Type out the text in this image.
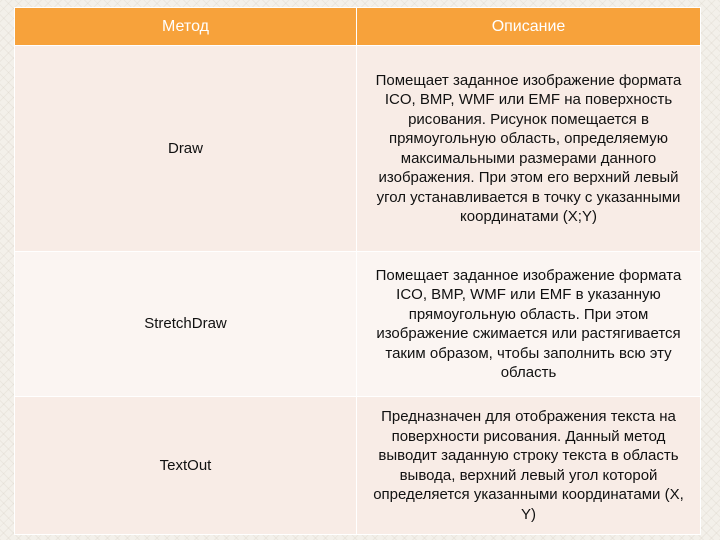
Метод	Описание
Draw	Помещает заданное изображение формата ICO, BMP, WMF или EMF на поверхность рисования. Рисунок помещается в прямоугольную область, определяемую максимальными размерами данного изображения. При этом его верхний левый угол устанавливается в точку с указанными координатами (X;Y)
StretchDraw	Помещает заданное изображение формата ICO, BMP, WMF или EMF в указанную прямоугольную область. При этом изображение сжимается или растягивается таким образом, чтобы заполнить всю эту область
TextOut	Предназначен для отображения текста на поверхности рисования. Данный метод выводит заданную строку текста в область вывода, верхний левый угол которой определяется указанными координатами (X, Y)
